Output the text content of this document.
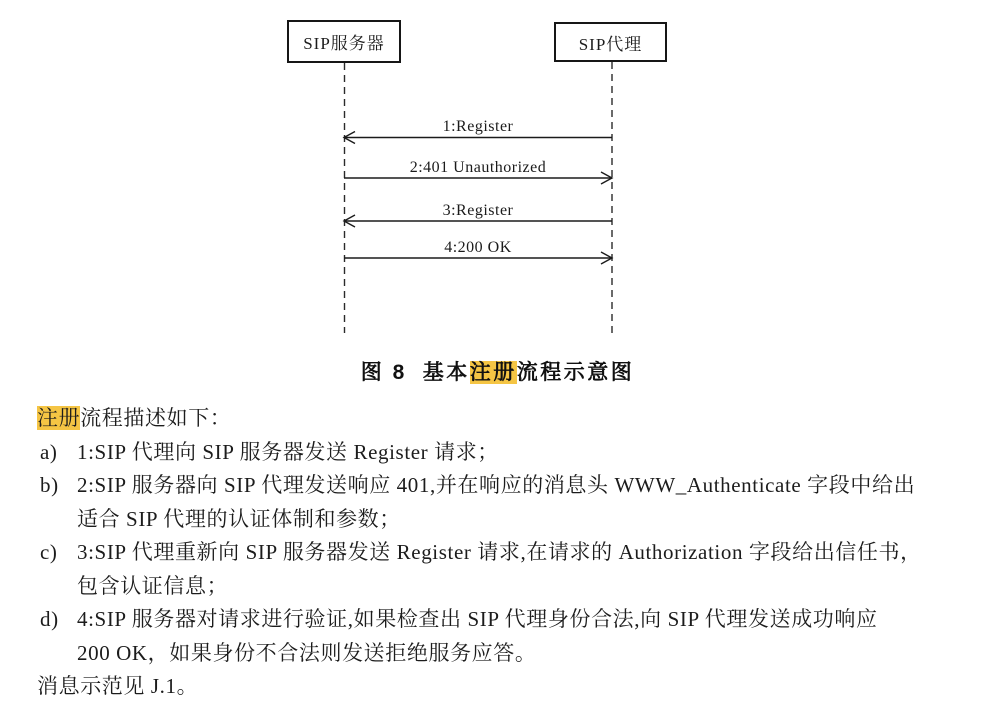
SIP服务器	SIP代理
1:Register
2:401 Unauthorized
3:Register
4:200 OK
图 8 基本注册流程示意图
注册流程描述如下：
a) 1:SIP 代理向 SIP 服务器发送 Register 请求；
b) 2:SIP 服务器向 SIP 代理发送响应 401,并在响应的消息头 WWW_Authenticate 字段中给出
适合 SIP 代理的认证体制和参数；
c) 3:SIP 代理重新向 SIP 服务器发送 Register 请求,在请求的 Authorization 字段给出信任书，
包含认证信息；
d) 4:SIP 服务器对请求进行验证,如果检查出 SIP 代理身份合法,向 SIP 代理发送成功响应
200 OK，如果身份不合法则发送拒绝服务应答。
消息示范见 J.1。
